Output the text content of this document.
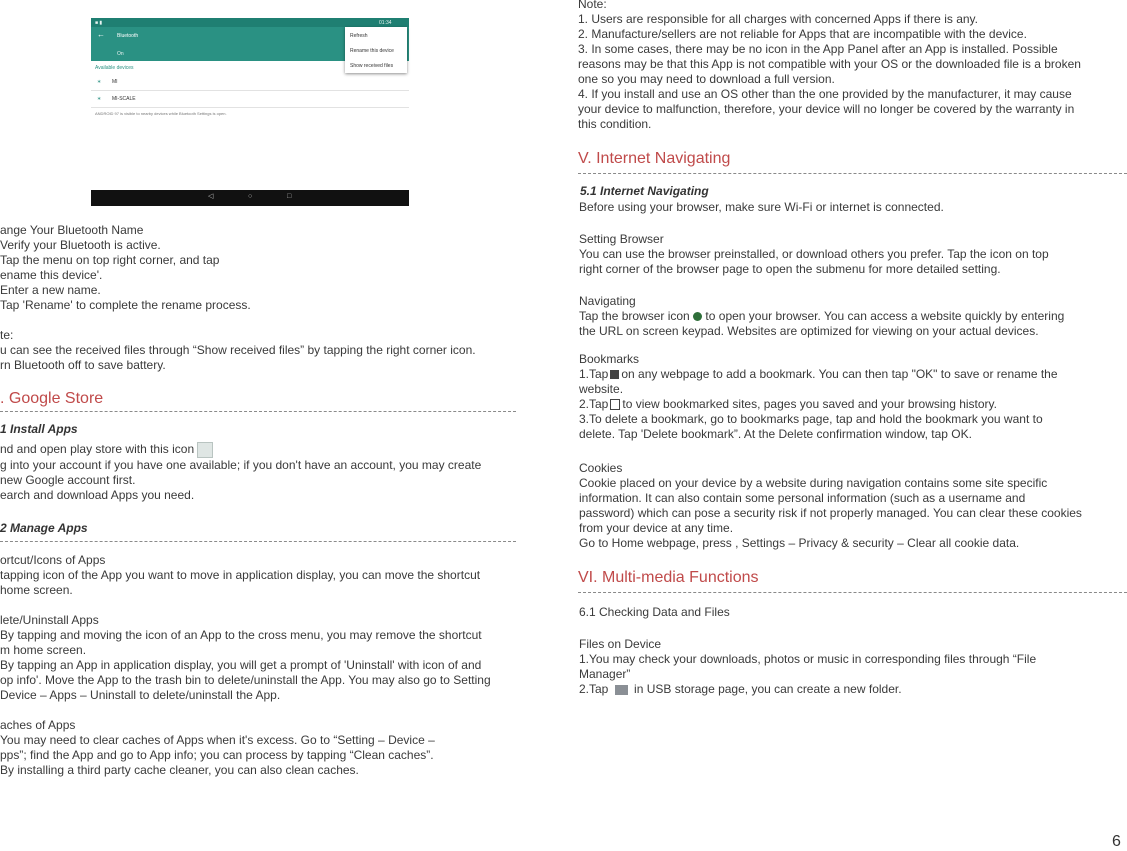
■ ▮	01:34
← Bluetooth
On
Available devices
∗ MI
∗ MI-SCALE
ANDROID 97 is visible to nearby devices while Bluetooth Settings is open.
Refresh
Rename this device
Show received files
◁	○	□
ange Your Bluetooth Name
Verify your Bluetooth is active.
Tap the menu on top right corner, and tap
ename this device'.
Enter a new name.
Tap 'Rename' to complete the rename process.
te:
u can see the received files through “Show received files” by tapping the right corner icon.
rn Bluetooth off to save battery.
. Google Store
1 Install Apps
nd and open play store with this icon
g into your account if you have one available; if you don't have an account, you may create
new Google account first.
earch and download Apps you need.
2 Manage Apps
ortcut/Icons of Apps
tapping icon of the App you want to move in application display, you can move the shortcut
home screen.
lete/Uninstall Apps
By tapping and moving the icon of an App to the cross menu, you may remove the shortcut
m home screen.
By tapping an App in application display, you will get a prompt of 'Uninstall' with icon of and
op info'. Move the App to the trash bin to delete/uninstall the App. You may also go to Setting
Device – Apps – Uninstall to delete/uninstall the App.
aches of Apps
You may need to clear caches of Apps when it's excess. Go to “Setting – Device –
pps”; find the App and go to App info; you can process by tapping “Clean caches”.
By installing a third party cache cleaner, you can also clean caches.
Note:
1. Users are responsible for all charges with concerned Apps if there is any.
2. Manufacture/sellers are not reliable for Apps that are incompatible with the device.
3. In some cases, there may be no icon in the App Panel after an App is installed. Possible
reasons may be that this App is not compatible with your OS or the downloaded file is a broken
one so you may need to download a full version.
4. If you install and use an OS other than the one provided by the manufacturer, it may cause
your device to malfunction, therefore, your device will no longer be covered by the warranty in
this condition.
V. Internet Navigating
5.1 Internet Navigating
Before using your browser, make sure Wi-Fi or internet is connected.
Setting Browser
You can use the browser preinstalled, or download others you prefer. Tap the icon on top
right corner of the browser page to open the submenu for more detailed setting.
Navigating
Tap the browser icon to open your browser. You can access a website quickly by entering
the URL on screen keypad. Websites are optimized for viewing on your actual devices.
Bookmarks
1.Tap on any webpage to add a bookmark. You can then tap "OK" to save or rename the
website.
2.Tap to view bookmarked sites, pages you saved and your browsing history.
3.To delete a bookmark, go to bookmarks page, tap and hold the bookmark you want to
delete. Tap 'Delete bookmark”. At the Delete confirmation window, tap OK.
Cookies
Cookie placed on your device by a website during navigation contains some site specific
information. It can also contain some personal information (such as a username and
password) which can pose a security risk if not properly managed. You can clear these cookies
from your device at any time.
Go to Home webpage, press , Settings – Privacy & security – Clear all cookie data.
VI. Multi-media Functions
6.1 Checking Data and Files
Files on Device
1.You may check your downloads, photos or music in corresponding files through “File
Manager”
2.Tap in USB storage page, you can create a new folder.
6
